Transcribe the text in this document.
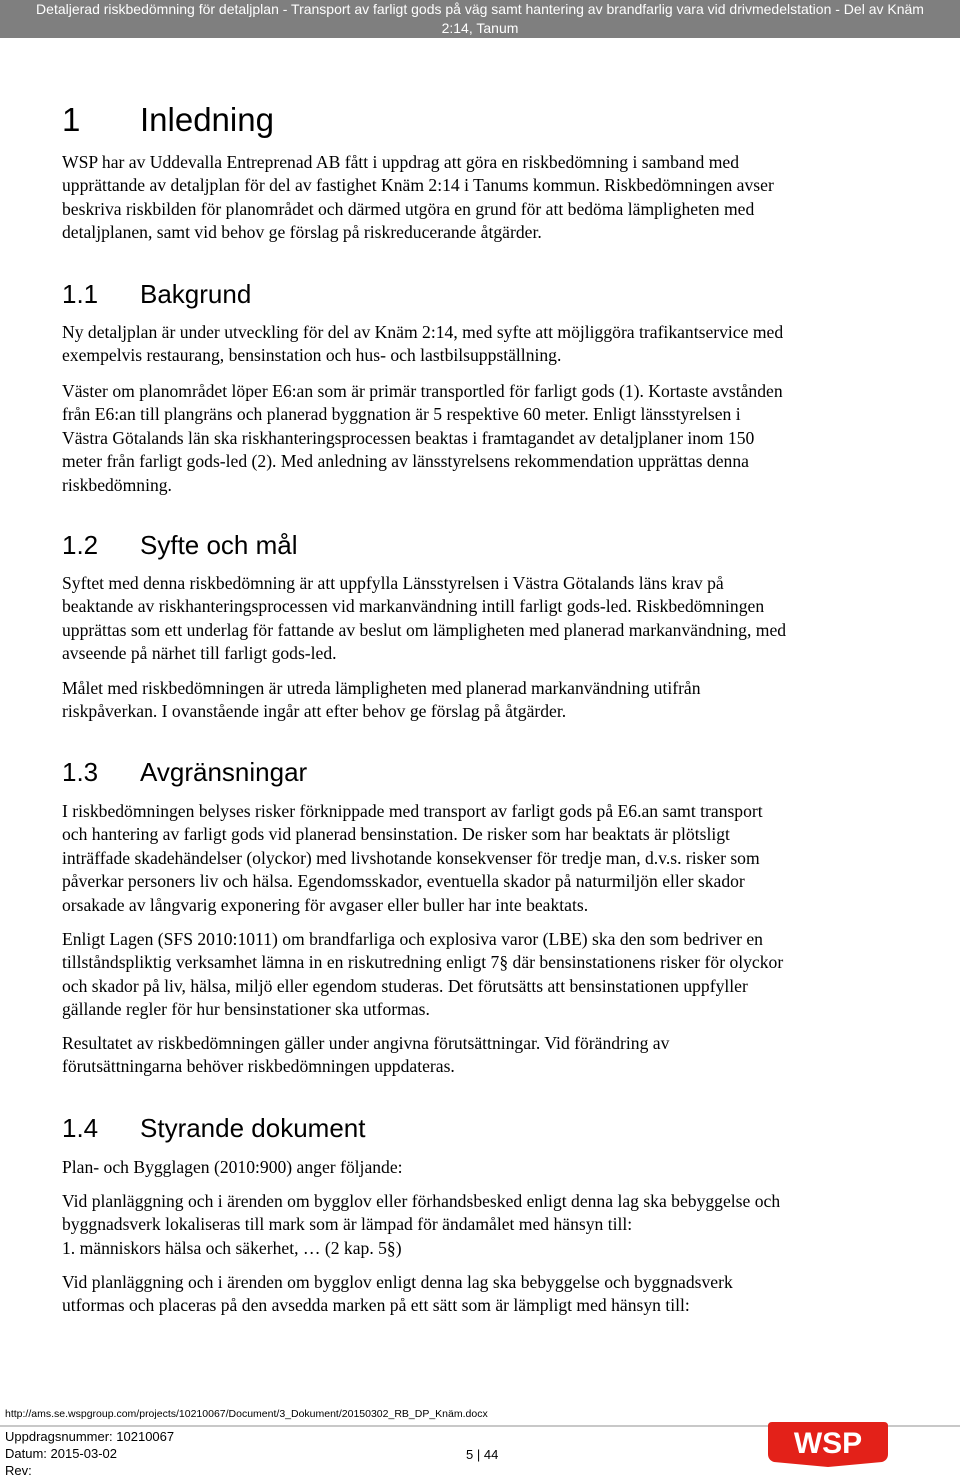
Detaljerad riskbedömning för detaljplan - Transport av farligt gods på väg samt hantering av brandfarlig vara vid drivmedelstation - Del av Knäm
2:14, Tanum
1 Inledning
WSP har av Uddevalla Entreprenad AB fått i uppdrag att göra en riskbedömning i samband med
upprättande av detaljplan för del av fastighet Knäm 2:14 i Tanums kommun. Riskbedömningen avser
beskriva riskbilden för planområdet och därmed utgöra en grund för att bedöma lämpligheten med
detaljplanen, samt vid behov ge förslag på riskreducerande åtgärder.
1.1 Bakgrund
Ny detaljplan är under utveckling för del av Knäm 2:14, med syfte att möjliggöra trafikantservice med
exempelvis restaurang, bensinstation och hus- och lastbilsuppställning.
Väster om planområdet löper E6:an som är primär transportled för farligt gods (1). Kortaste avstånden
från E6:an till plangräns och planerad byggnation är 5 respektive 60 meter. Enligt länsstyrelsen i
Västra Götalands län ska riskhanteringsprocessen beaktas i framtagandet av detaljplaner inom 150
meter från farligt gods-led (2). Med anledning av länsstyrelsens rekommendation upprättas denna
riskbedömning.
1.2 Syfte och mål
Syftet med denna riskbedömning är att uppfylla Länsstyrelsen i Västra Götalands läns krav på
beaktande av riskhanteringsprocessen vid markanvändning intill farligt gods-led. Riskbedömningen
upprättas som ett underlag för fattande av beslut om lämpligheten med planerad markanvändning, med
avseende på närhet till farligt gods-led.
Målet med riskbedömningen är utreda lämpligheten med planerad markanvändning utifrån
riskpåverkan. I ovanstående ingår att efter behov ge förslag på åtgärder.
1.3 Avgränsningar
I riskbedömningen belyses risker förknippade med transport av farligt gods på E6.an samt transport
och hantering av farligt gods vid planerad bensinstation. De risker som har beaktats är plötsligt
inträffade skadehändelser (olyckor) med livshotande konsekvenser för tredje man, d.v.s. risker som
påverkar personers liv och hälsa. Egendomsskador, eventuella skador på naturmiljön eller skador
orsakade av långvarig exponering för avgaser eller buller har inte beaktats.
Enligt Lagen (SFS 2010:1011) om brandfarliga och explosiva varor (LBE) ska den som bedriver en
tillståndspliktig verksamhet lämna in en riskutredning enligt 7§ där bensinstationens risker för olyckor
och skador på liv, hälsa, miljö eller egendom studeras. Det förutsätts att bensinstationen uppfyller
gällande regler för hur bensinstationer ska utformas.
Resultatet av riskbedömningen gäller under angivna förutsättningar. Vid förändring av
förutsättningarna behöver riskbedömningen uppdateras.
1.4 Styrande dokument
Plan- och Bygglagen (2010:900) anger följande:
Vid planläggning och i ärenden om bygglov eller förhandsbesked enligt denna lag ska bebyggelse och
byggnadsverk lokaliseras till mark som är lämpad för ändamålet med hänsyn till:
1. människors hälsa och säkerhet, … (2 kap. 5§)
Vid planläggning och i ärenden om bygglov enligt denna lag ska bebyggelse och byggnadsverk
utformas och placeras på den avsedda marken på ett sätt som är lämpligt med hänsyn till:
http://ams.se.wspgroup.com/projects/10210067/Document/3_Dokument/20150302_RB_DP_Knäm.docx
Uppdragsnummer: 10210067
Datum: 2015-03-02
Rev:
5 | 44	WSP
